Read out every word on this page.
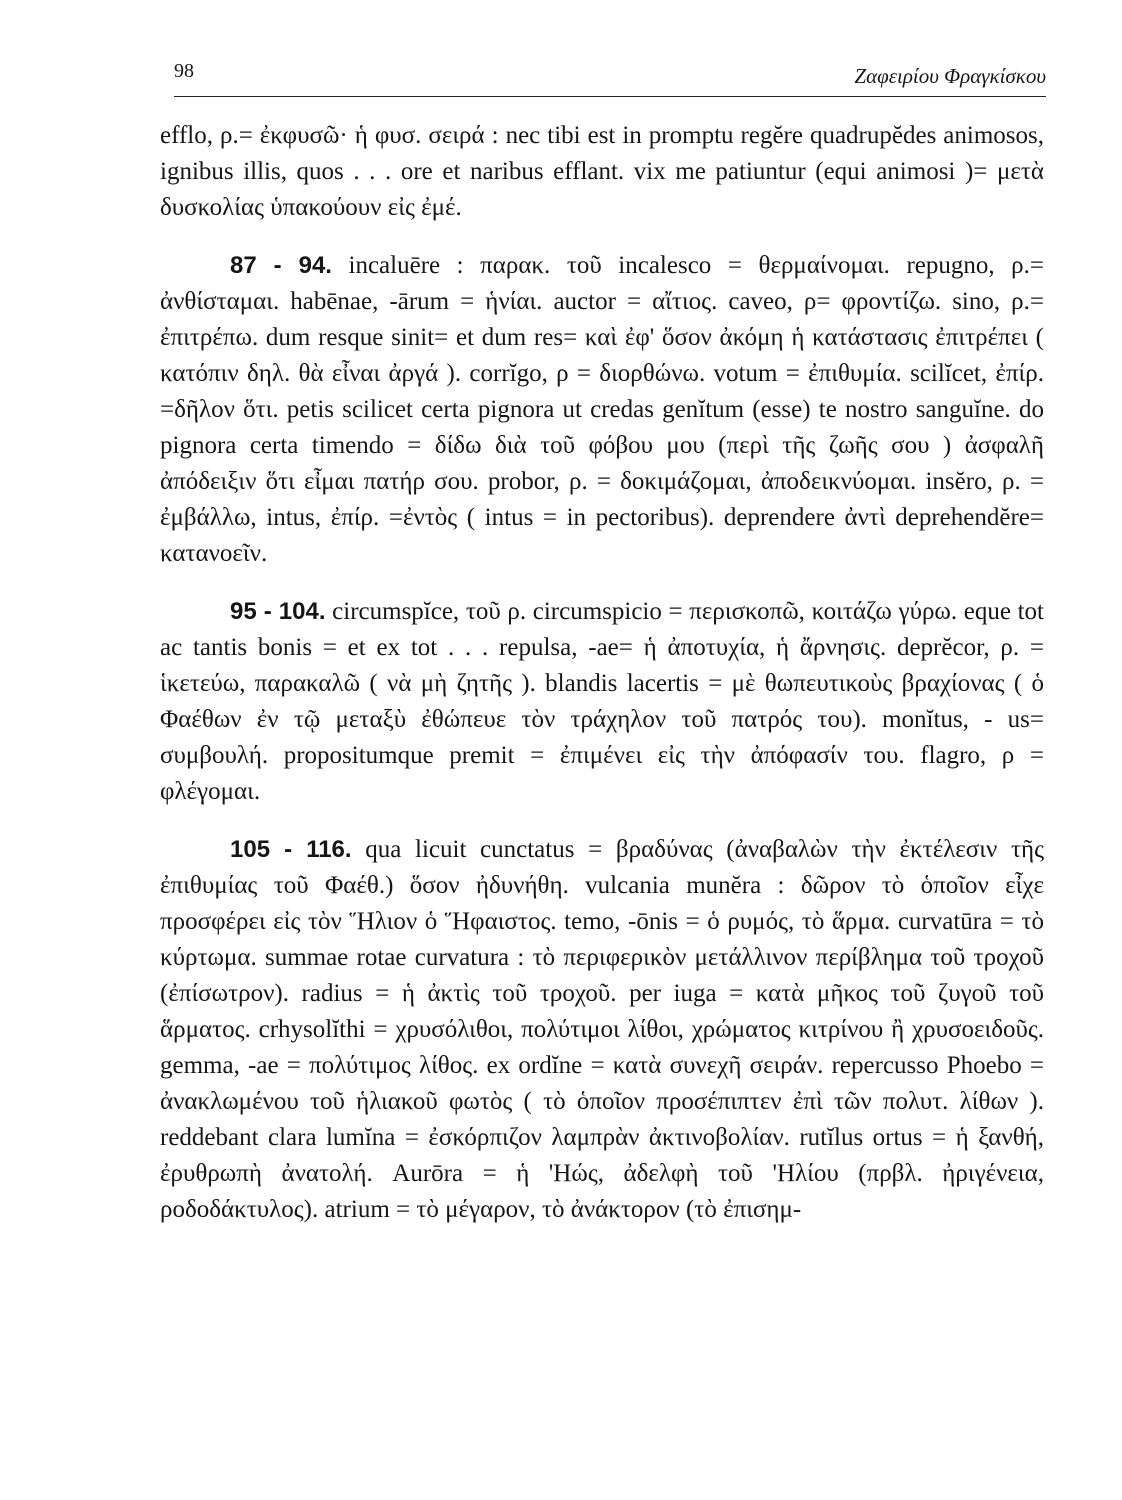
98	Ζαφειρίου Φραγκίσκου

efflo, ρ.= ἐκφυσῶ· ἡ φυσ. σειρά : nec tibi est in promptu regĕre quadrupĕdes animosos, ignibus illis, quos . . . ore et naribus efflant. vix me patiuntur (equi animosi )= μετὰ δυσκολίας ὑπακούουν εἰς ἐμέ.

87 - 94. incaluēre : παρακ. τοῦ incalesco = θερμαίνομαι. repugno, ρ.= ἀνθίσταμαι. habēnae, -ārum = ἡνίαι. auctor = αἴτιος. caveo, ρ= φροντίζω. sino, ρ.= ἐπιτρέπω. dum resque sinit= et dum res= καὶ ἐφ' ὅσον ἀκόμη ἡ κατάστασις ἐπιτρέπει ( κατόπιν δηλ. θὰ εἶναι ἀργά ). corrĭgo, ρ = διορθώνω. votum = ἐπιθυμία. scilĭcet, ἐπίρ. =δῆλον ὅτι. petis scilicet certa pignora ut credas genĭtum (esse) te nostro sanguĭne. do pignora certa timendo = δίδω διὰ τοῦ φόβου μου (περὶ τῆς ζωῆς σου ) ἀσφαλῆ ἀπόδειξιν ὅτι εἶμαι πατήρ σου. probor, ρ. = δοκιμάζομαι, ἀποδεικνύομαι. insĕro, ρ. = ἐμβάλλω, intus, ἐπίρ. =ἐντὸς ( intus = in pectoribus). deprendere ἀντὶ deprehendĕre= κατανοεῖν.

95 - 104. circumspĭce, τοῦ ρ. circumspicio = περισκοπῶ, κοιτάζω γύρω. eque tot ac tantis bonis = et ex tot . . . repulsa, -ae= ἡ ἀποτυχία, ἡ ἄρνησις. deprĕcor, ρ. = ἱκετεύω, παρακαλῶ ( νὰ μὴ ζητῆς ). blandis lacertis = μὲ θωπευτικοὺς βραχίονας ( ὁ Φαέθων ἐν τῷ μεταξὺ ἐθώπευε τὸν τράχηλον τοῦ πατρός του). monĭtus, - us= συμβουλή. propositumque premit = ἐπιμένει εἰς τὴν ἀπόφασίν του. flagro, ρ = φλέγομαι.

105 - 116. qua licuit cunctatus = βραδύνας (ἀναβαλὼν τὴν ἐκτέλεσιν τῆς ἐπιθυμίας τοῦ Φαέθ.) ὅσον ἠδυνήθη. vulcania munĕra : δῶρον τὸ ὁποῖον εἶχε προσφέρει εἰς τὸν Ἥλιον ὁ Ἥφαιστος. temo, -ōnis = ὁ ρυμός, τὸ ἅρμα. curvatūra = τὸ κύρτωμα. summae rotae curvatura : τὸ περιφερικὸν μετάλλινον περίβλημα τοῦ τροχοῦ (ἐπίσωτρον). radius = ἡ ἀκτὶς τοῦ τροχοῦ. per iuga = κατὰ μῆκος τοῦ ζυγοῦ τοῦ ἅρματος. crhysolĭthi = χρυσόλιθοι, πολύτιμοι λίθοι, χρώματος κιτρίνου ἢ χρυσοειδοῦς. gemma, -ae = πολύτιμος λίθος. ex ordĭne = κατὰ συνεχῆ σειράν. repercusso Phoebo = ἀνακλωμένου τοῦ ἡλιακοῦ φωτὸς ( τὸ ὁποῖον προσέπιπτεν ἐπὶ τῶν πολυτ. λίθων ). reddebant clara lumĭna = ἐσκόρπιζον λαμπρὰν ἀκτινοβολίαν. rutĭlus ortus = ἡ ξανθή, ἐρυθρωπὴ ἀνατολή. Aurōra = ἡ 'Ηώς, ἀδελφὴ τοῦ 'Ηλίου (πρβλ. ἠριγένεια, ροδοδάκτυλος). atrium = τὸ μέγαρον, τὸ ἀνάκτορον (τὸ ἐπισημ-
